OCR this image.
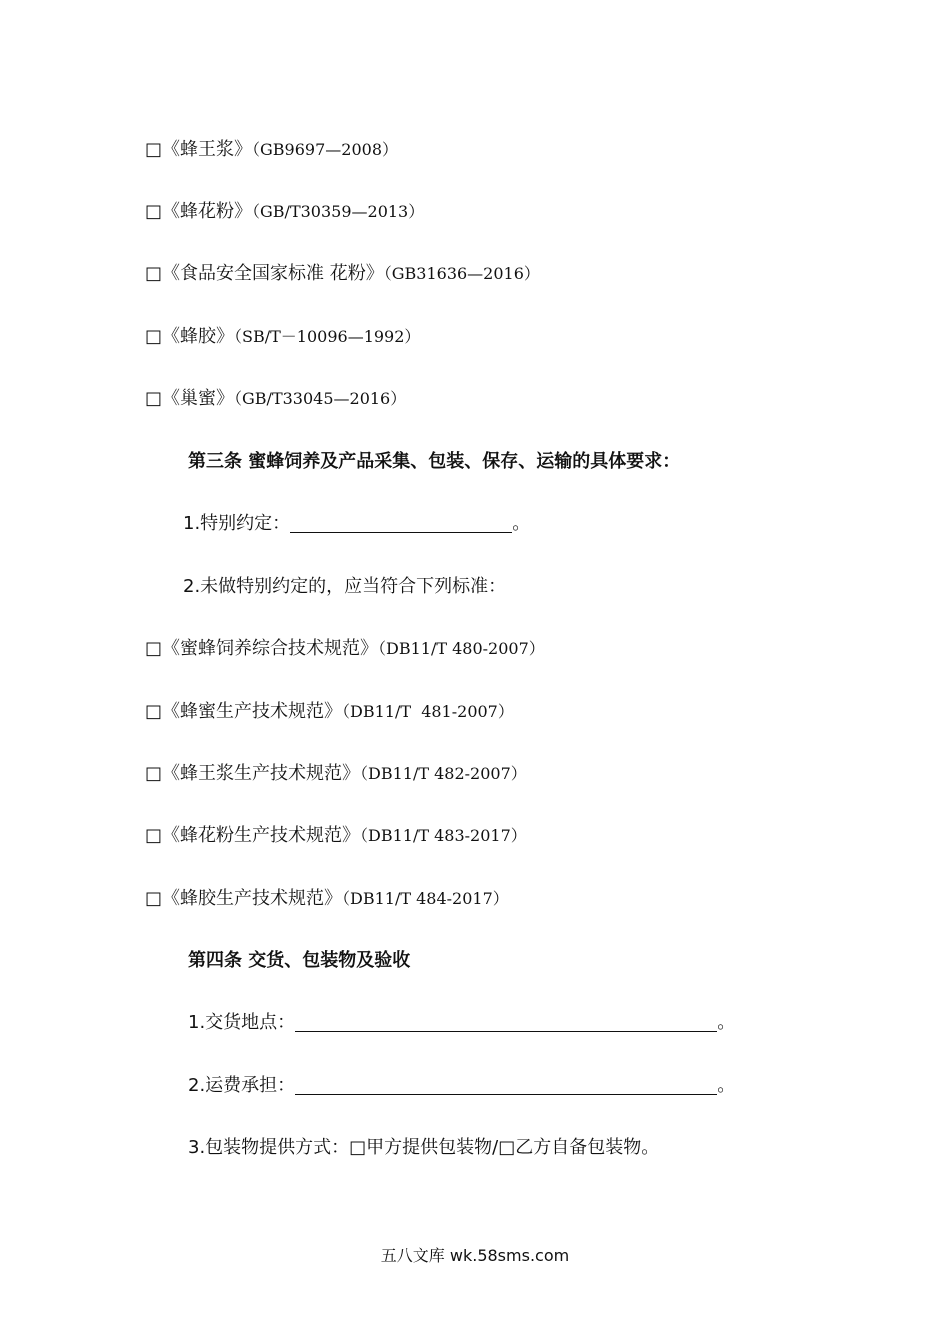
□《蜂王浆》（GB9697—2008）
□《蜂花粉》（GB/T30359—2013）
□《食品安全国家标准 花粉》（GB31636—2016）
□《蜂胶》（SB/T－10096—1992）
□《巢蜜》（GB/T33045—2016）
第三条 蜜蜂饲养及产品采集、包装、保存、运输的具体要求：
1.特别约定：	。
2.未做特别约定的，应当符合下列标准：
□《蜜蜂饲养综合技术规范》（DB11/T 480-2007）
□《蜂蜜生产技术规范》（DB11/T  481-2007）
□《蜂王浆生产技术规范》（DB11/T 482-2007）
□《蜂花粉生产技术规范》（DB11/T 483-2017）
□《蜂胶生产技术规范》（DB11/T 484-2017）
第四条 交货、包装物及验收
1.交货地点：	。
2.运费承担：	。
3.包装物提供方式：□甲方提供包装物/□乙方自备包装物。
五八文库 wk.58sms.com
